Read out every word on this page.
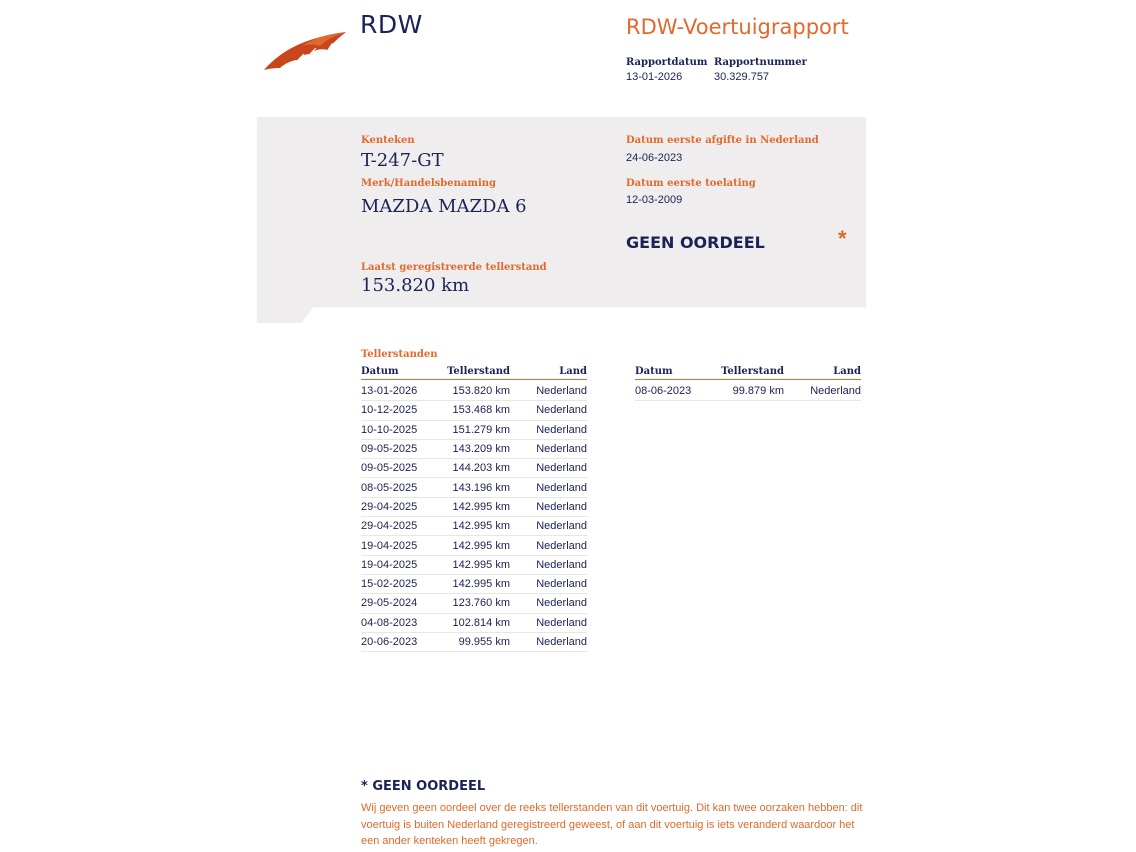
RDW	RDW-Voertuigrapport
Rapportdatum
13-01-2026
Rapportnummer
30.329.757
Kenteken
T-247-GT
Merk/Handelsbenaming
MAZDA MAZDA 6
Laatst geregistreerde tellerstand
153.820 km
Datum eerste afgifte in Nederland
24-06-2023
Datum eerste toelating
12-03-2009
GEEN OORDEEL	*
Tellerstanden
Datum	Tellerstand	Land
13-01-2026	153.820 km	Nederland
10-12-2025	153.468 km	Nederland
10-10-2025	151.279 km	Nederland
09-05-2025	143.209 km	Nederland
09-05-2025	144.203 km	Nederland
08-05-2025	143.196 km	Nederland
29-04-2025	142.995 km	Nederland
29-04-2025	142.995 km	Nederland
19-04-2025	142.995 km	Nederland
19-04-2025	142.995 km	Nederland
15-02-2025	142.995 km	Nederland
29-05-2024	123.760 km	Nederland
04-08-2023	102.814 km	Nederland
20-06-2023	99.955 km	Nederland
Datum	Tellerstand	Land
08-06-2023	99.879 km	Nederland
* GEEN OORDEEL
Wij geven geen oordeel over de reeks tellerstanden van dit voertuig. Dit kan twee oorzaken hebben: dit voertuig is buiten Nederland geregistreerd geweest, of aan dit voertuig is iets veranderd waardoor het een ander kenteken heeft gekregen.
